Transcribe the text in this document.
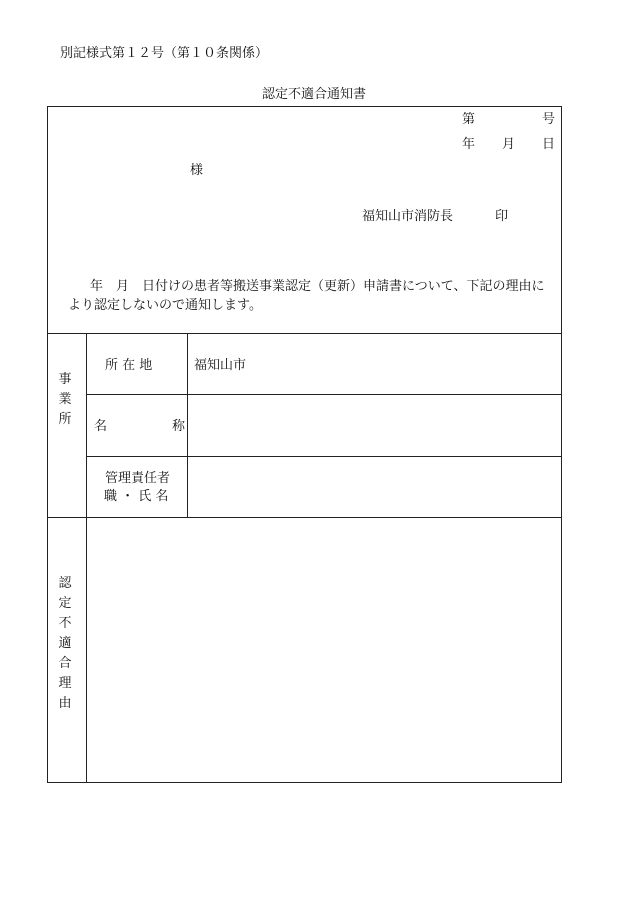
別記様式第１２号（第１０条関係）
認定不適合通知書
第	号
年 月 日
様
福知山市消防長	印
年　月　日付けの患者等搬送事業認定（更新）申請書について、下記の理由に
より認定しないので通知します。
事
業
所
所 在 地	福知山市
名	称
管理責任者
職 ・ 氏 名
認
定
不
適
合
理
由
